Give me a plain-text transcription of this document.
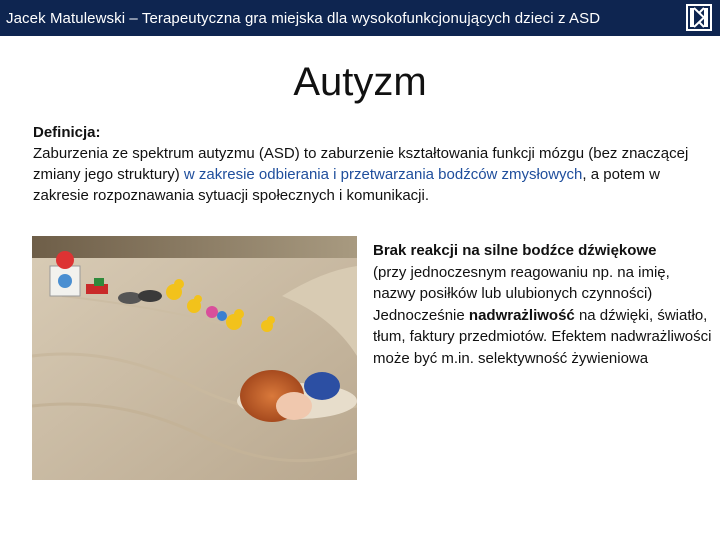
Jacek Matulewski – Terapeutyczna gra miejska dla wysokofunkcjonujących dzieci z ASD
Autyzm
Definicja:
Zaburzenia ze spektrum autyzmu (ASD) to zaburzenie kształtowania funkcji mózgu (bez znaczącej zmiany jego struktury) w zakresie odbierania i przetwarzania bodźców zmysłowych, a potem w zakresie rozpoznawania sytuacji społecznych i komunikacji.
Brak reakcji na silne bodźce dźwiękowe
(przy jednoczesnym reagowaniu np. na imię, nazwy posiłków lub ulubionych czynności) Jednocześnie nadwrażliwość na dźwięki, światło, tłum, faktury przedmiotów. Efektem nadwrażliwości może być m.in. selektywność żywieniowa
